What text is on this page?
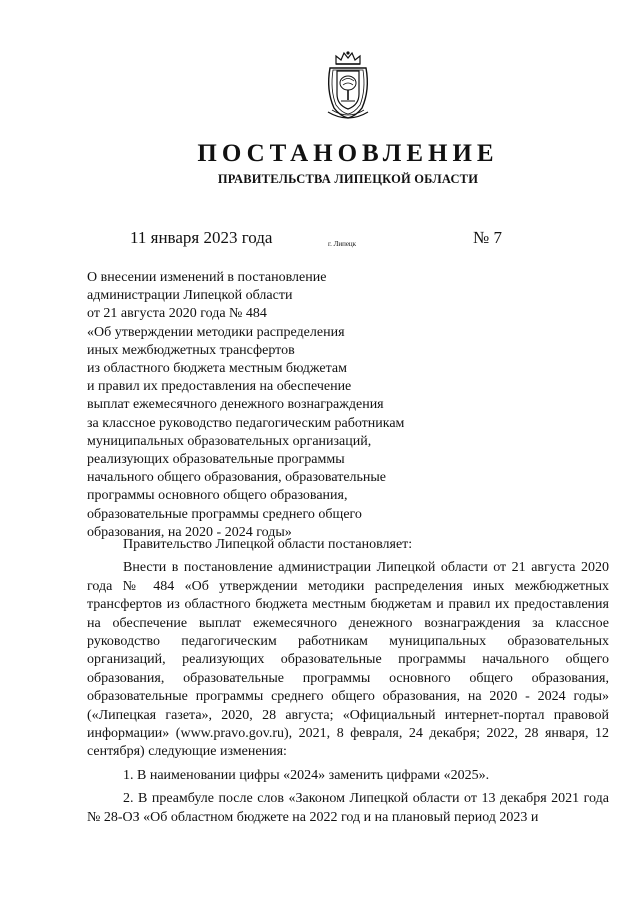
ПОСТАНОВЛЕНИЕ
ПРАВИТЕЛЬСТВА ЛИПЕЦКОЙ ОБЛАСТИ
11 января 2023 года	г. Липецк	№ 7
О внесении изменений в постановление
администрации Липецкой области
от 21 августа 2020 года № 484
«Об утверждении методики распределения
иных межбюджетных трансфертов
из областного бюджета местным бюджетам
и правил их предоставления на обеспечение
выплат ежемесячного денежного вознаграждения
за классное руководство педагогическим работникам
муниципальных образовательных организаций,
реализующих образовательные программы
начального общего образования, образовательные
программы основного общего образования,
образовательные программы среднего общего
образования, на 2020 - 2024 годы»

Правительство Липецкой области постановляет:

Внести в постановление администрации Липецкой области от 21 августа 2020 года № 484 «Об утверждении методики распределения иных межбюджетных трансфертов из областного бюджета местным бюджетам и правил их предоставления на обеспечение выплат ежемесячного денежного вознаграждения за классное руководство педагогическим работникам муниципальных образовательных организаций, реализующих образовательные программы начального общего образования, образовательные программы основного общего образования, образовательные программы среднего общего образования, на 2020 - 2024 годы» («Липецкая газета», 2020, 28 августа; «Официальный интернет-портал правовой информации» (www.pravo.gov.ru), 2021, 8 февраля, 24 декабря; 2022, 28 января, 12 сентября) следующие изменения:

1. В наименовании цифры «2024» заменить цифрами «2025».

2. В преамбуле после слов «Законом Липецкой области от 13 декабря 2021 года № 28-ОЗ «Об областном бюджете на 2022 год и на плановый период 2023 и
